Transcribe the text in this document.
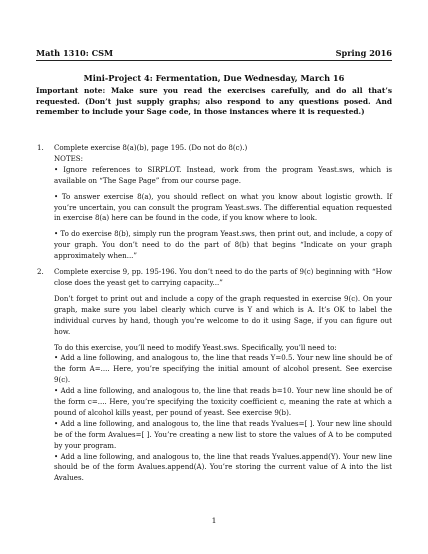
Math 1310: CSM	Spring 2016
Mini-Project 4: Fermentation, Due Wednesday, March 16
Important note: Make sure you read the exercises carefully, and do all that’s requested. (Don’t just supply graphs; also respond to any questions posed. And remember to include your Sage code, in those instances where it is requested.)
1. Complete exercise 8(a)(b), page 195. (Do not do 8(c).)

NOTES:

• Ignore references to SIRPLOT. Instead, work from the program Yeast.sws, which is available on “The Sage Page” from our course page.

• To answer exercise 8(a), you should reflect on what you know about logistic growth. If you’re uncertain, you can consult the program Yeast.sws. The differential equation requested in exercise 8(a) here can be found in the code, if you know where to look.

• To do exercise 8(b), simply run the program Yeast.sws, then print out, and include, a copy of your graph. You don’t need to do the part of 8(b) that begins “Indicate on your graph approximately when...”

2. Complete exercise 9, pp. 195-196. You don’t need to do the parts of 9(c) beginning with “How close does the yeast get to carrying capacity...”

Don’t forget to print out and include a copy of the graph requested in exercise 9(c). On your graph, make sure you label clearly which curve is Y and which is A. It’s OK to label the individual curves by hand, though you’re welcome to do it using Sage, if you can figure out how.

To do this exercise, you’ll need to modify Yeast.sws. Specifically, you’ll need to:

• Add a line following, and analogous to, the line that reads Y=0.5. Your new line should be of the form A=.... Here, you’re specifying the initial amount of alcohol present. See exercise 9(c).

• Add a line following, and analogous to, the line that reads b=10. Your new line should be of the form c=.... Here, you’re specifying the toxicity coefficient c, meaning the rate at which a pound of alcohol kills yeast, per pound of yeast. See exercise 9(b).

• Add a line following, and analogous to, the line that reads Yvalues=[ ]. Your new line should be of the form Avalues=[ ]. You’re creating a new list to store the values of A to be computed by your program.

• Add a line following, and analogous to, the line that reads Yvalues.append(Y). Your new line should be of the form Avalues.append(A). You’re storing the current value of A into the list Avalues.

1
